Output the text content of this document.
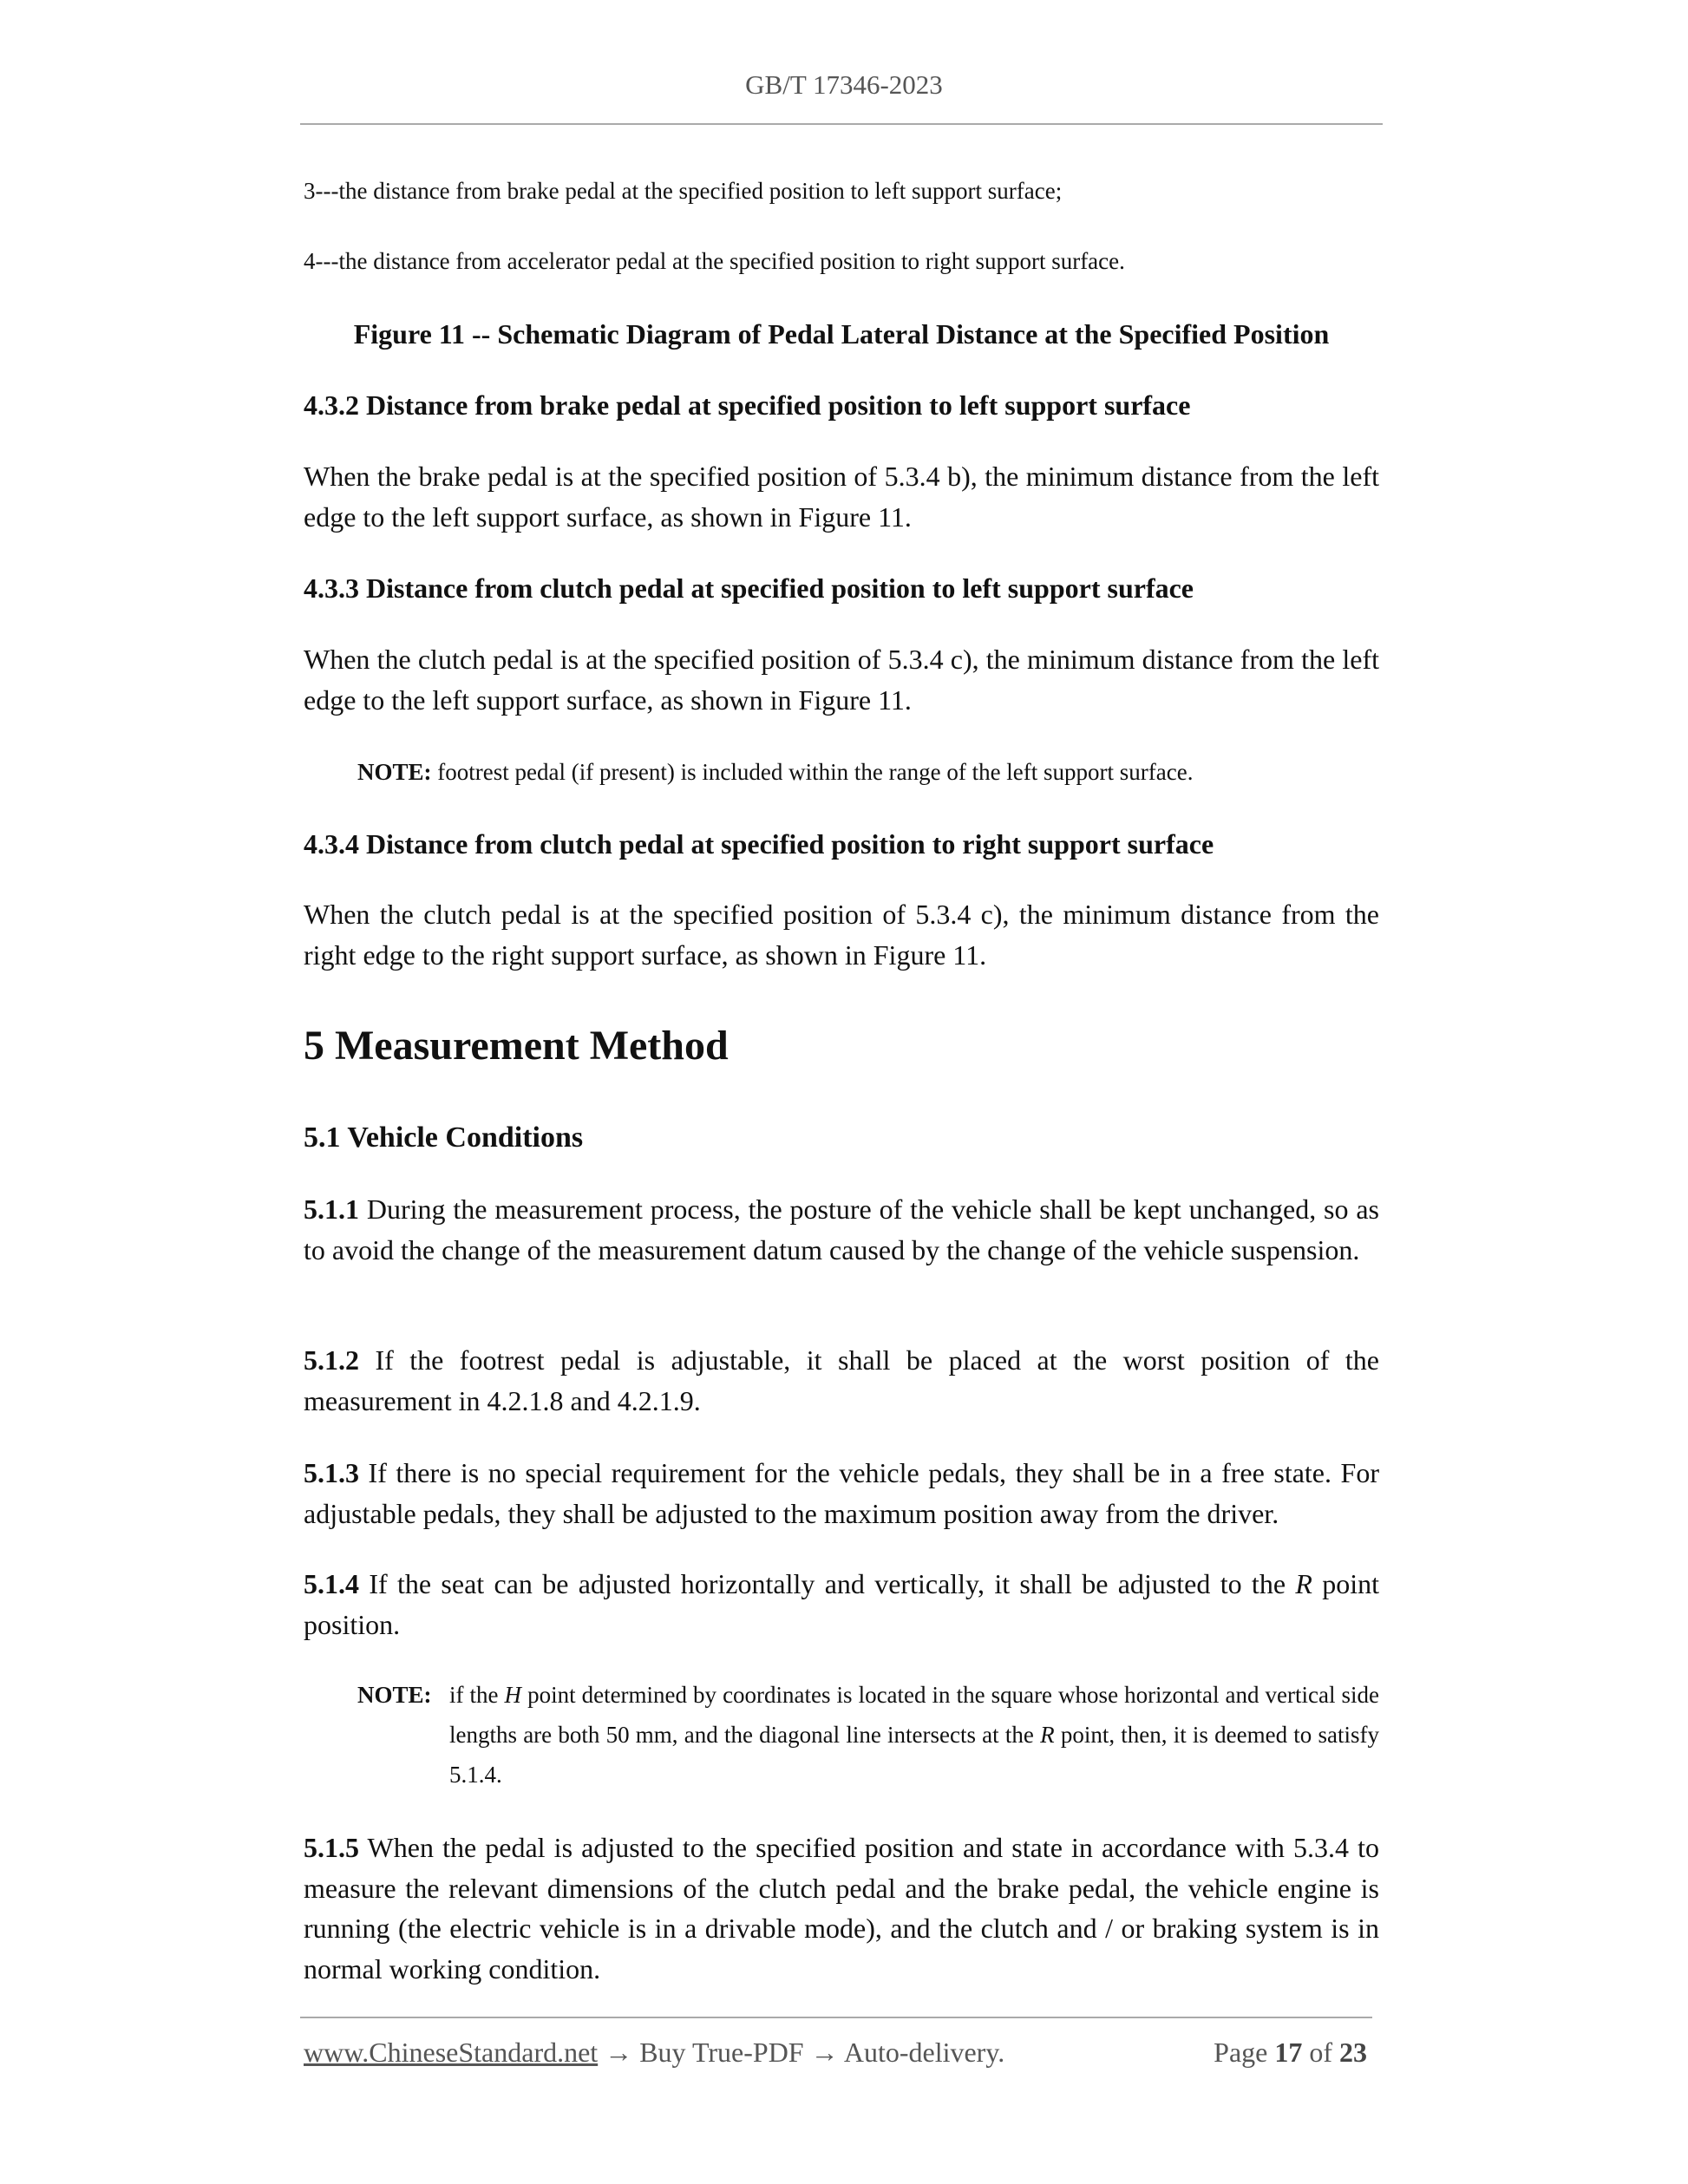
GB/T 17346-2023
3---the distance from brake pedal at the specified position to left support surface;
4---the distance from accelerator pedal at the specified position to right support surface.
Figure 11 -- Schematic Diagram of Pedal Lateral Distance at the Specified Position
4.3.2 Distance from brake pedal at specified position to left support surface
When the brake pedal is at the specified position of 5.3.4 b), the minimum distance from the left edge to the left support surface, as shown in Figure 11.
4.3.3 Distance from clutch pedal at specified position to left support surface
When the clutch pedal is at the specified position of 5.3.4 c), the minimum distance from the left edge to the left support surface, as shown in Figure 11.
NOTE: footrest pedal (if present) is included within the range of the left support surface.
4.3.4 Distance from clutch pedal at specified position to right support surface
When the clutch pedal is at the specified position of 5.3.4 c), the minimum distance from the right edge to the right support surface, as shown in Figure 11.
5 Measurement Method
5.1 Vehicle Conditions
5.1.1 During the measurement process, the posture of the vehicle shall be kept unchanged, so as to avoid the change of the measurement datum caused by the change of the vehicle suspension.
5.1.2 If the footrest pedal is adjustable, it shall be placed at the worst position of the measurement in 4.2.1.8 and 4.2.1.9.
5.1.3 If there is no special requirement for the vehicle pedals, they shall be in a free state. For adjustable pedals, they shall be adjusted to the maximum position away from the driver.
5.1.4 If the seat can be adjusted horizontally and vertically, it shall be adjusted to the R point position.
NOTE: if the H point determined by coordinates is located in the square whose horizontal and vertical side lengths are both 50 mm, and the diagonal line intersects at the R point, then, it is deemed to satisfy 5.1.4.
5.1.5 When the pedal is adjusted to the specified position and state in accordance with 5.3.4 to measure the relevant dimensions of the clutch pedal and the brake pedal, the vehicle engine is running (the electric vehicle is in a drivable mode), and the clutch and / or braking system is in normal working condition.
www.ChineseStandard.net → Buy True-PDF → Auto-delivery.	Page 17 of 23
